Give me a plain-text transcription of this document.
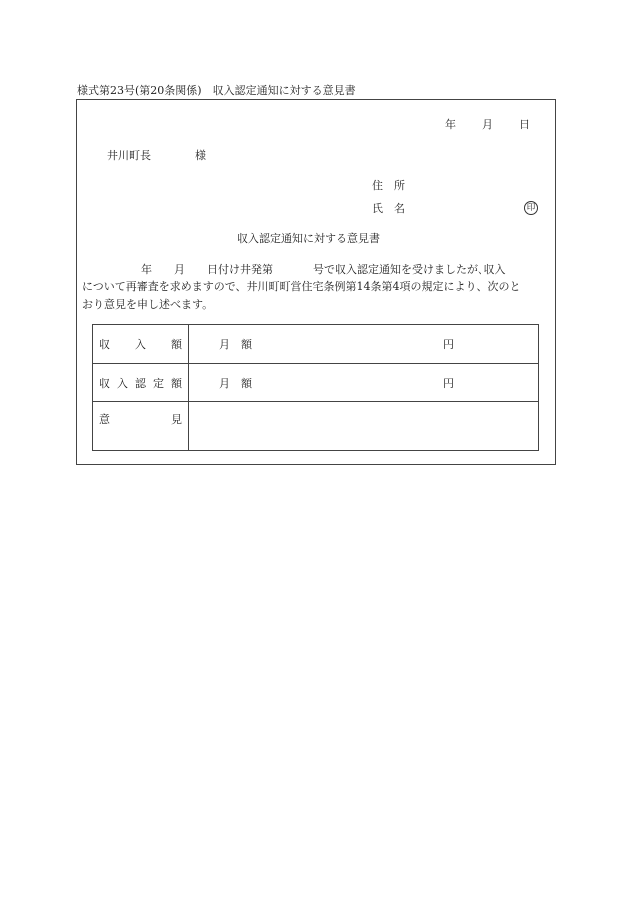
様式第23号(第20条関係)　収入認定通知に対する意見書
年 月 日
井川町長	様
住　所
氏　名	印
収入認定通知に対する意見書
年 月 日付け井発第	号で収入認定通知を受けましたが､収入
について再審査を求めますので、井川町町営住宅条例第14条第4項の規定により、次のと
おり意見を申し述べます。
収 入 額	月　額 円

収 入 認 定 額	月　額 円

意 見	
